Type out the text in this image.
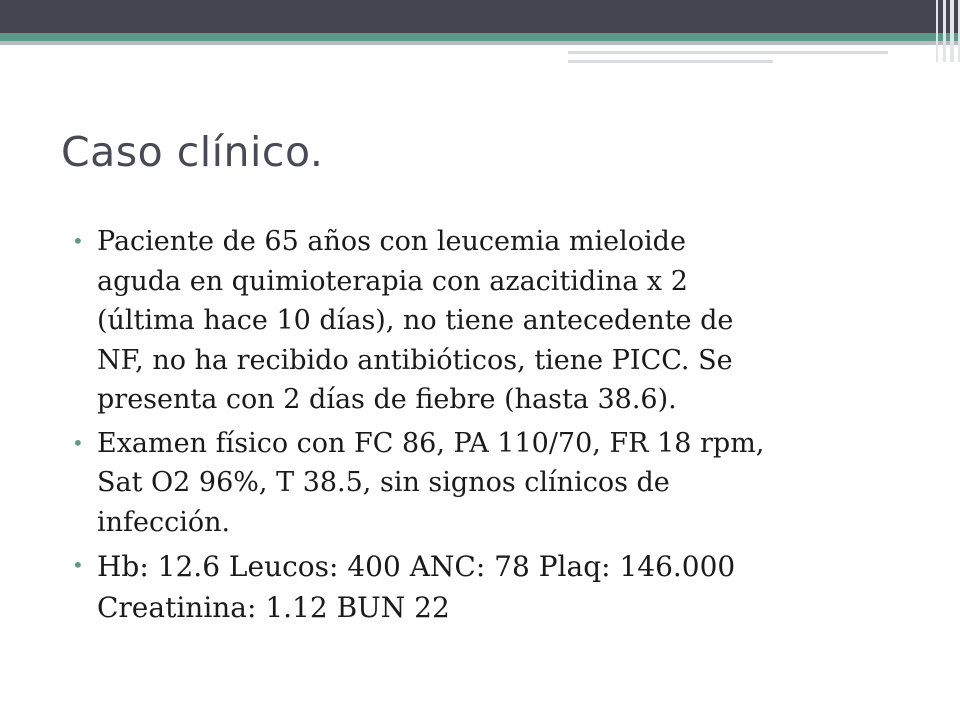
Caso clínico.
• Paciente de 65 años con leucemia mieloide
aguda en quimioterapia con azacitidina x 2
(última hace 10 días), no tiene antecedente de
NF, no ha recibido antibióticos, tiene PICC. Se
presenta con 2 días de fiebre (hasta 38.6).
• Examen físico con FC 86, PA 110/70, FR 18 rpm,
Sat O2 96%, T 38.5, sin signos clínicos de
infección.
• Hb: 12.6 Leucos: 400 ANC: 78 Plaq: 146.000
Creatinina: 1.12 BUN 22
